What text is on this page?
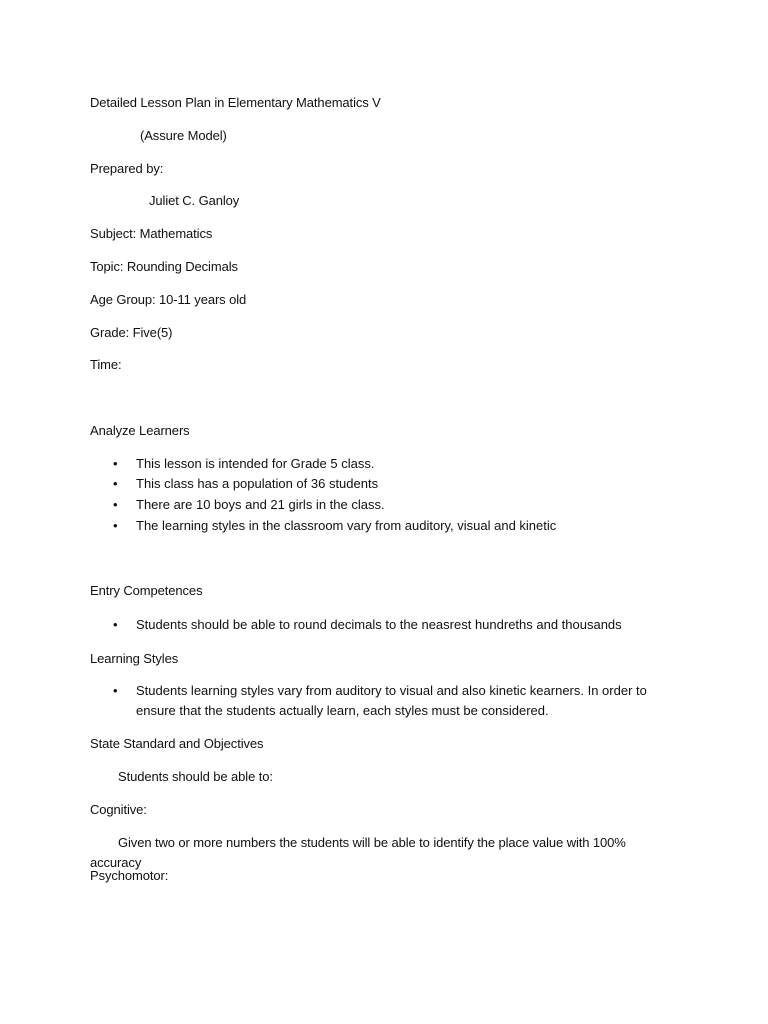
Detailed Lesson Plan in Elementary Mathematics V
(Assure Model)
Prepared by:
Juliet C. Ganloy
Subject: Mathematics
Topic: Rounding Decimals
Age Group: 10-11 years old
Grade: Five(5)
Time:
Analyze Learners
• This lesson is intended for Grade 5 class.
• This class has a population of 36 students
• There are 10 boys and 21 girls in the class.
• The learning styles in the classroom vary from auditory, visual and kinetic
Entry Competences
• Students should be able to round decimals to the neasrest hundreths and thousands
Learning Styles
• Students learning styles vary from auditory to visual and also kinetic kearners. In order to ensure that the students actually learn, each styles must be considered.
State Standard and Objectives
Students should be able to:
Cognitive:
Given two or more numbers the students will be able to identify the place value with 100%
accuracy
Psychomotor:
